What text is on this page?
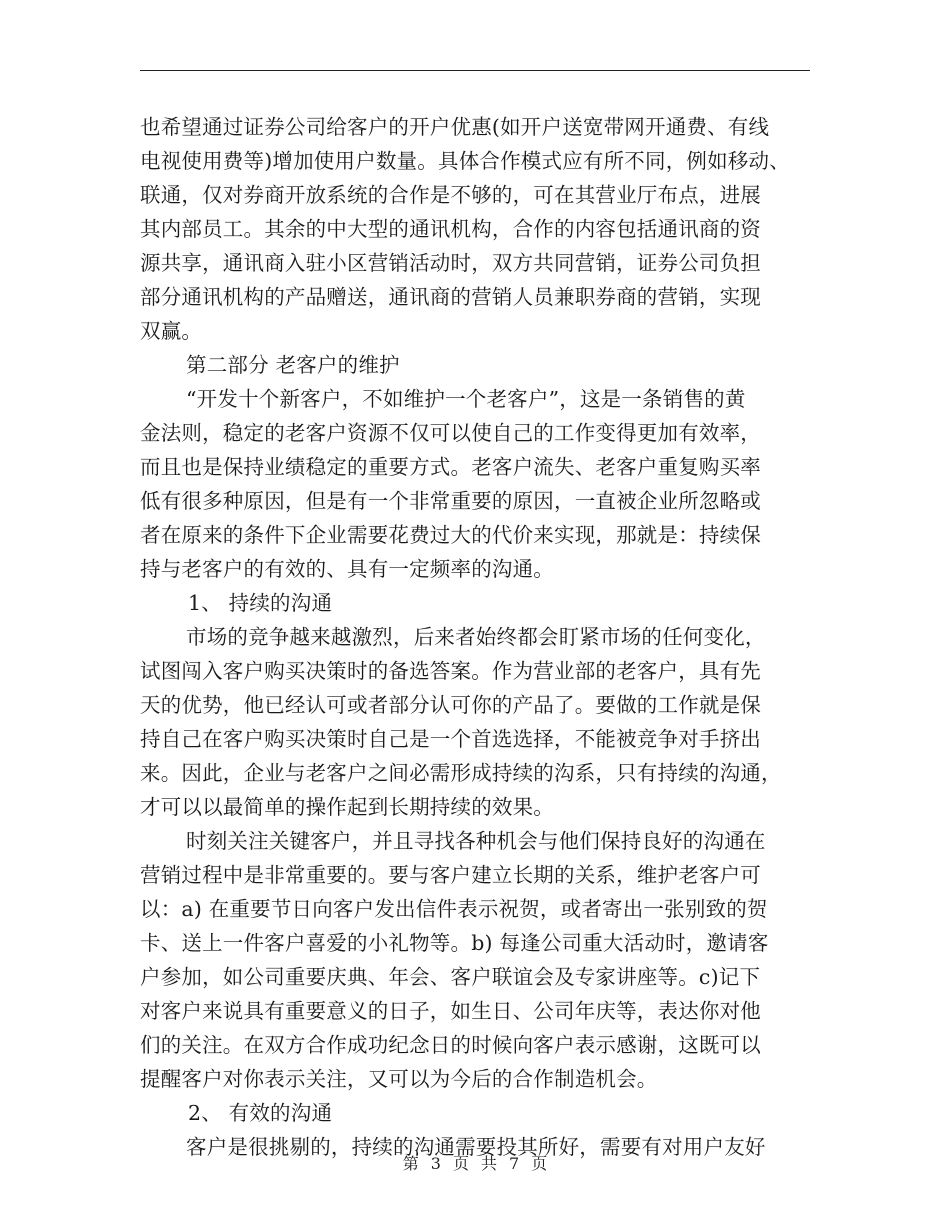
也希望通过证券公司给客户的开户优惠(如开户送宽带网开通费、有线
电视使用费等)增加使用户数量。具体合作模式应有所不同，例如移动、
联通，仅对券商开放系统的合作是不够的，可在其营业厅布点，进展
其内部员工。其余的中大型的通讯机构，合作的内容包括通讯商的资
源共享，通讯商入驻小区营销活动时，双方共同营销，证券公司负担
部分通讯机构的产品赠送，通讯商的营销人员兼职券商的营销，实现
双赢。
第二部分 老客户的维护
“开发十个新客户，不如维护一个老客户”，这是一条销售的黄
金法则，稳定的老客户资源不仅可以使自己的工作变得更加有效率，
而且也是保持业绩稳定的重要方式。老客户流失、老客户重复购买率
低有很多种原因，但是有一个非常重要的原因，一直被企业所忽略或
者在原来的条件下企业需要花费过大的代价来实现，那就是：持续保
持与老客户的有效的、具有一定频率的沟通。
1、 持续的沟通
市场的竞争越来越激烈，后来者始终都会盯紧市场的任何变化，
试图闯入客户购买决策时的备选答案。作为营业部的老客户，具有先
天的优势，他已经认可或者部分认可你的产品了。要做的工作就是保
持自己在客户购买决策时自己是一个首选选择，不能被竞争对手挤出
来。因此，企业与老客户之间必需形成持续的沟系，只有持续的沟通，
才可以以最简单的操作起到长期持续的效果。
时刻关注关键客户，并且寻找各种机会与他们保持良好的沟通在
营销过程中是非常重要的。要与客户建立长期的关系，维护老客户可
以：a) 在重要节日向客户发出信件表示祝贺，或者寄出一张别致的贺
卡、送上一件客户喜爱的小礼物等。b) 每逢公司重大活动时，邀请客
户参加，如公司重要庆典、年会、客户联谊会及专家讲座等。c)记下
对客户来说具有重要意义的日子，如生日、公司年庆等，表达你对他
们的关注。在双方合作成功纪念日的时候向客户表示感谢，这既可以
提醒客户对你表示关注，又可以为今后的合作制造机会。
2、 有效的沟通
客户是很挑剔的，持续的沟通需要投其所好，需要有对用户友好
第 3 页 共 7 页
